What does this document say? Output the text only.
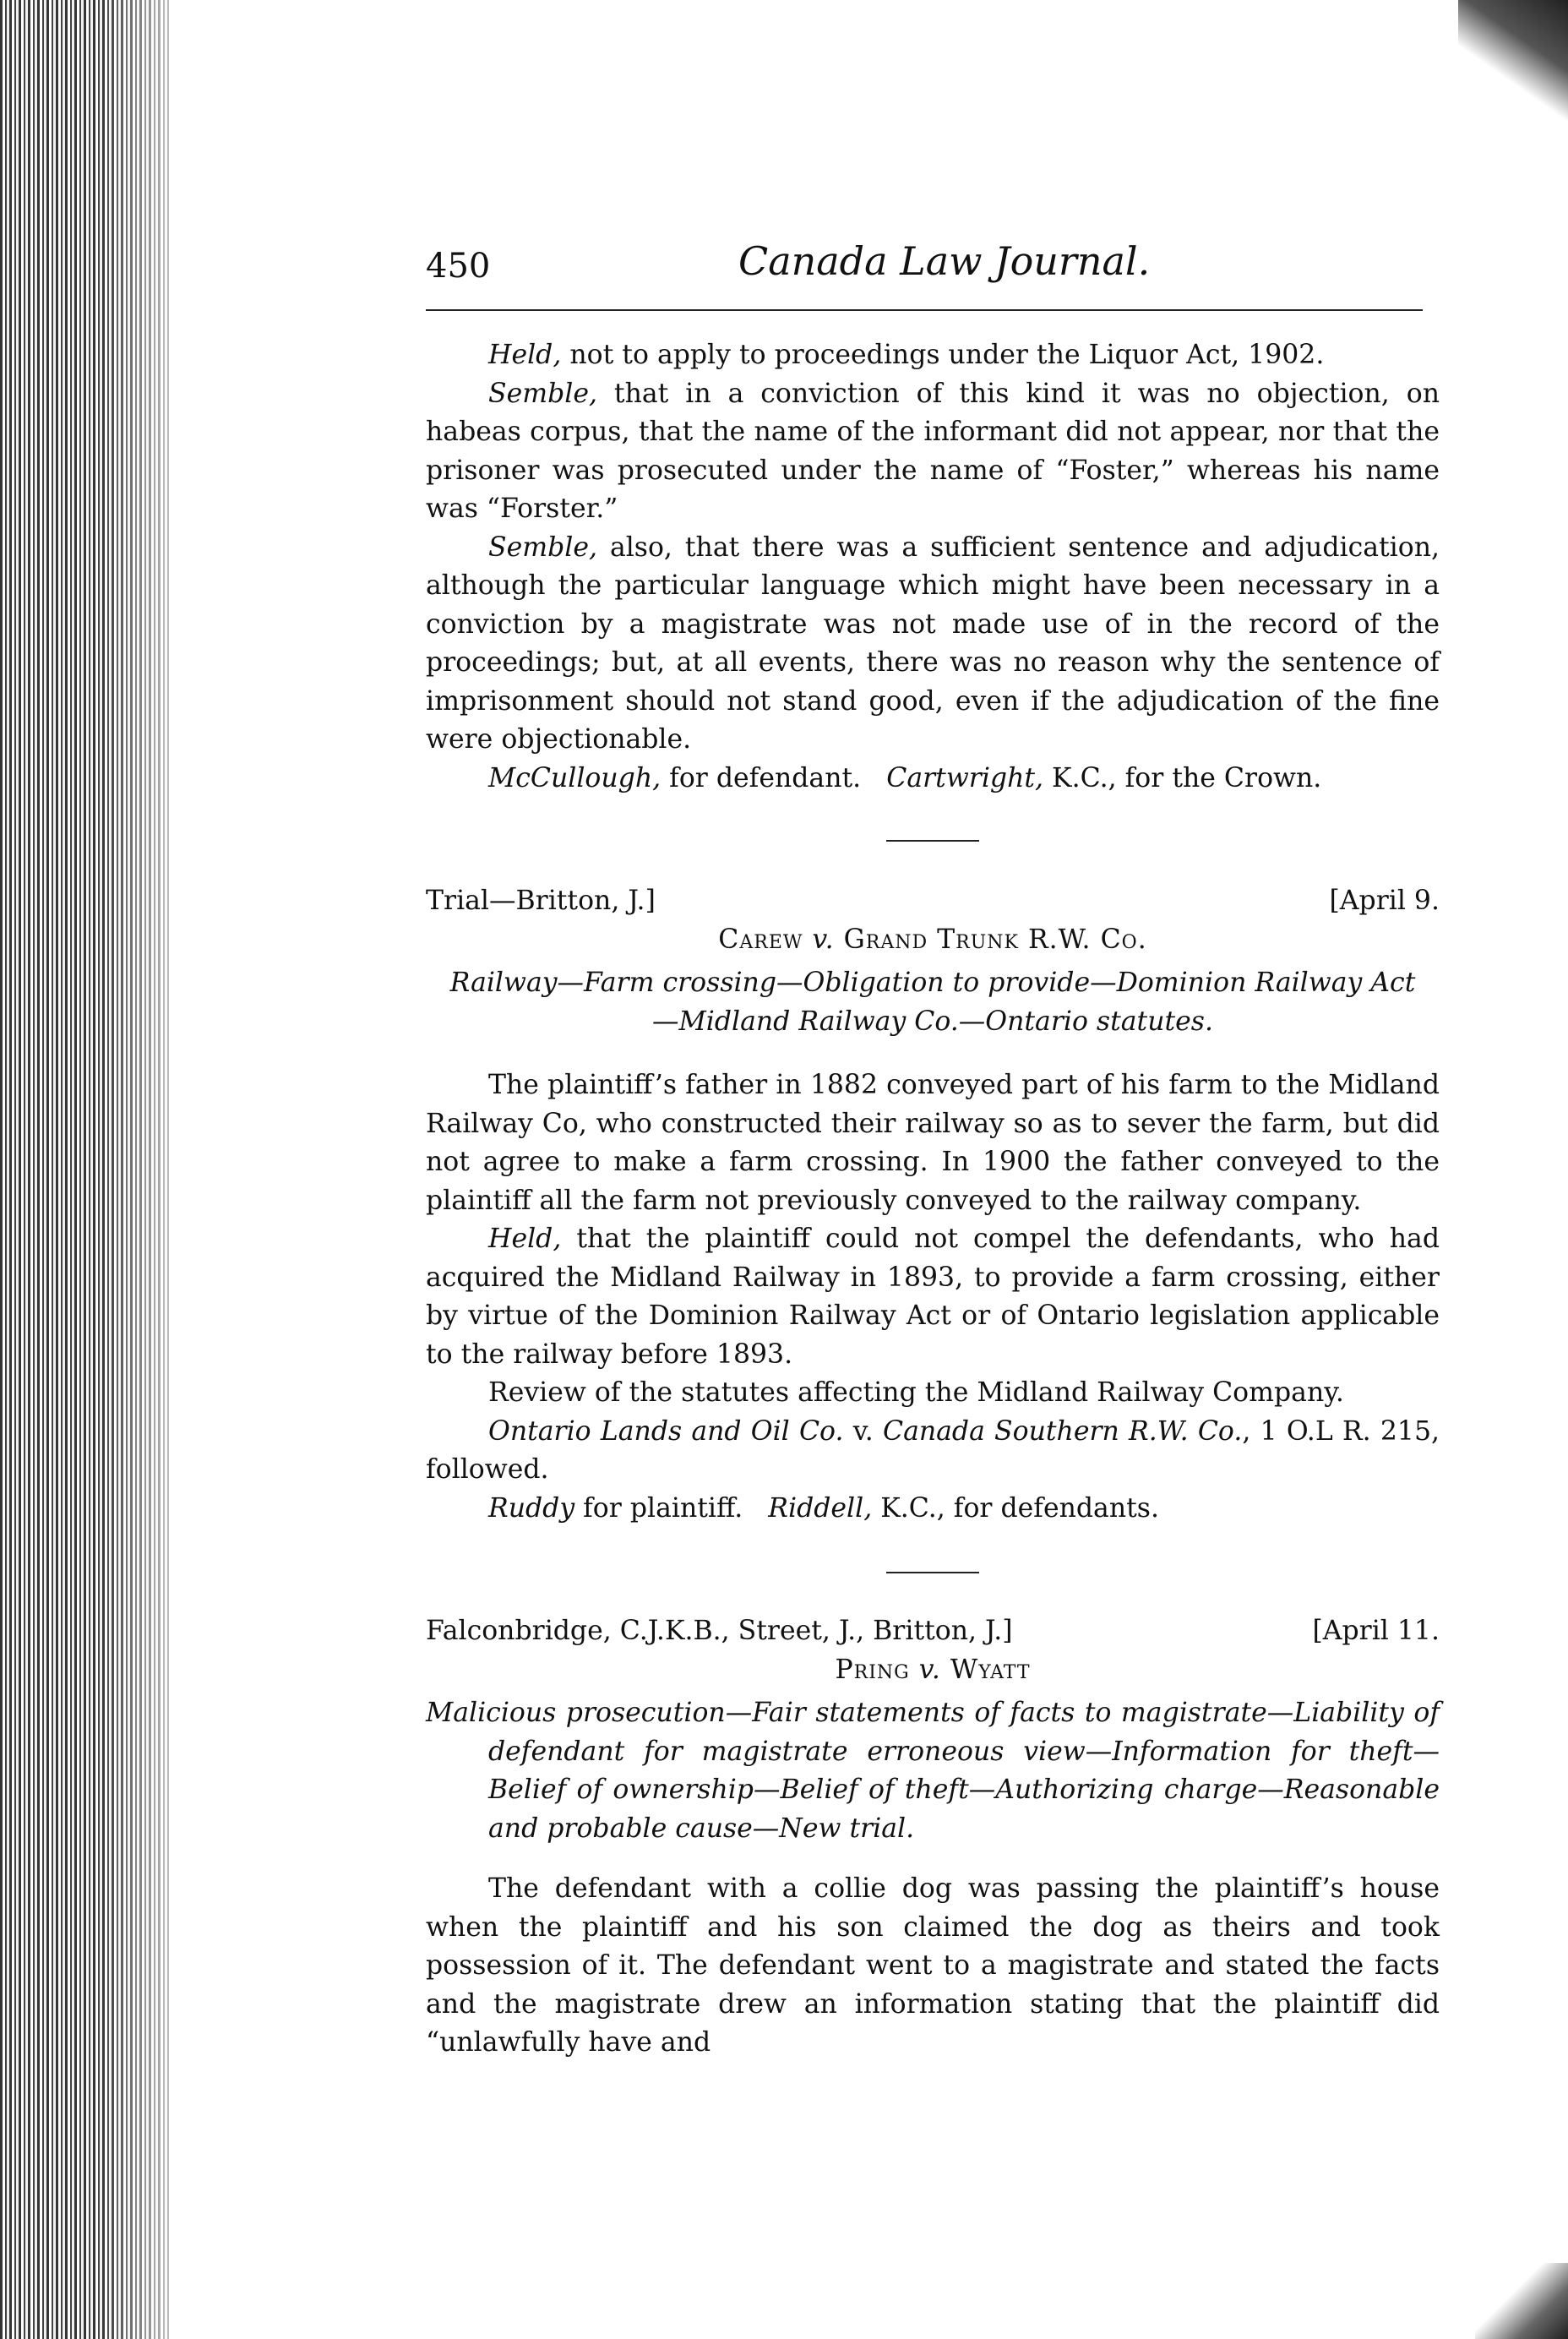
450	Canada Law Journal.

Held, not to apply to proceedings under the Liquor Act, 1902.

Semble, that in a conviction of this kind it was no objection, on habeas corpus, that the name of the informant did not appear, nor that the prisoner was prosecuted under the name of “Foster,” whereas his name was “Forster.”

Semble, also, that there was a sufficient sentence and adjudication, although the particular language which might have been necessary in a conviction by a magistrate was not made use of in the record of the proceedings; but, at all events, there was no reason why the sentence of imprisonment should not stand good, even if the adjudication of the fine were objectionable.

McCullough, for defendant. Cartwright, K.C., for the Crown.

Trial—Britton, J.]	[April 9.
Carew v. Grand Trunk R.W. Co.
Railway—Farm crossing—Obligation to provide—Dominion Railway Act
—Midland Railway Co.—Ontario statutes.

The plaintiff’s father in 1882 conveyed part of his farm to the Midland Railway Co, who constructed their railway so as to sever the farm, but did not agree to make a farm crossing. In 1900 the father conveyed to the plaintiff all the farm not previously conveyed to the railway company.

Held, that the plaintiff could not compel the defendants, who had acquired the Midland Railway in 1893, to provide a farm crossing, either by virtue of the Dominion Railway Act or of Ontario legislation applicable to the railway before 1893.

Review of the statutes affecting the Midland Railway Company.

Ontario Lands and Oil Co. v. Canada Southern R.W. Co., 1 O.L R. 215, followed.

Ruddy for plaintiff. Riddell, K.C., for defendants.

Falconbridge, C.J.K.B., Street, J., Britton, J.]	[April 11.
Pring v. Wyatt
Malicious prosecution—Fair statements of facts to magistrate—Liability of defendant for magistrate erroneous view—Information for theft—Belief of ownership—Belief of theft—Authorizing charge—Reasonable and probable cause—New trial.

The defendant with a collie dog was passing the plaintiff’s house when the plaintiff and his son claimed the dog as theirs and took possession of it. The defendant went to a magistrate and stated the facts and the magistrate drew an information stating that the plaintiff did “unlawfully have and
